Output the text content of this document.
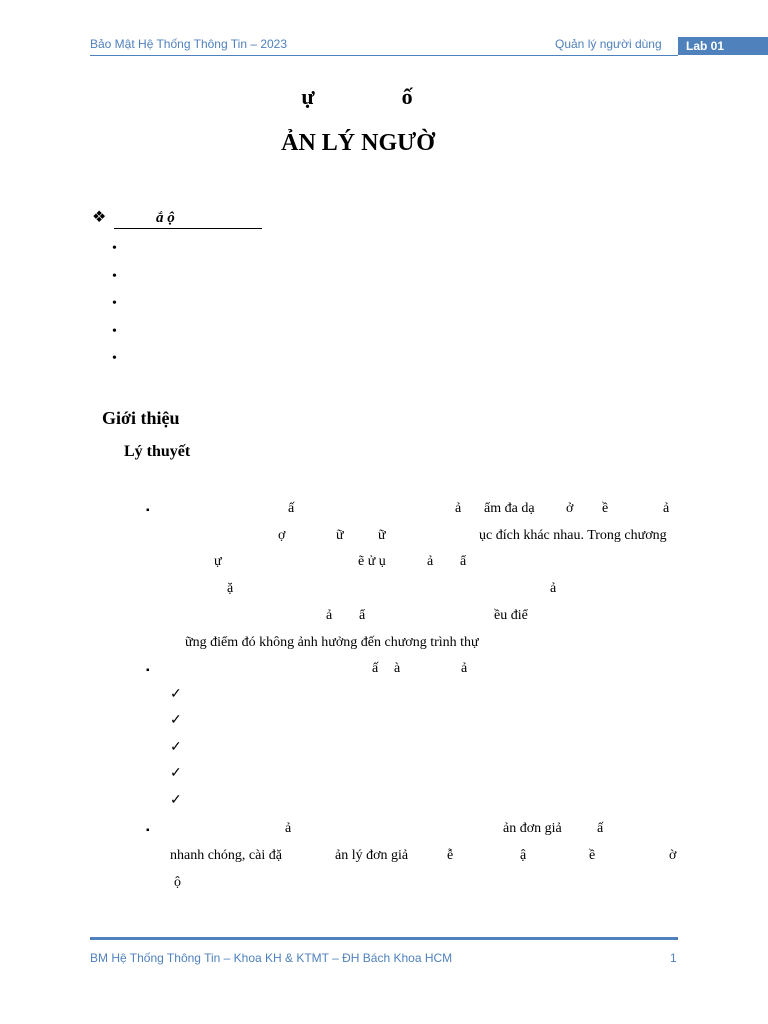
Bảo Mật Hệ Thống Thông Tin – 2023	Quản lý người dùng	Lab 01
ự	ố
ẢN LÝ NGƯỜ
❖	ắ ộ
•
•
•
•
•
Giới thiệu
Lý thuyết
▪	ấ	ả ẩm đa dạ ở ề	ả
ợ	ữ ữ	ục đích khác nhau. Trong chương
ự	ẽ ử ụ	ả ẩ
ặ	ả
ả ẩ	ều điể
ững điểm đó không ảnh hưởng đến chương trình thự
▪	ấ à	ả
✓
✓
✓
✓
✓
▪	ả	ản đơn giả	ấ
nhanh chóng, cài đặ	ản lý đơn giả	ễ	ậ	ề	ờ
ộ
BM Hệ Thống Thông Tin – Khoa KH & KTMT – ĐH Bách Khoa HCM	1
